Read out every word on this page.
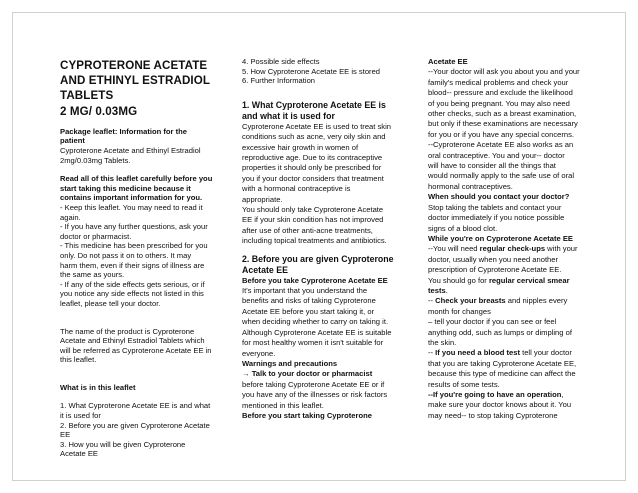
CYPROTERONE ACETATE
AND ETHINYL ESTRADIOL
TABLETS
2 MG/ 0.03MG

Package leaflet: Information for the
patient

Cyproterone Acetate and Ethinyl Estradiol
2mg/0.03mg Tablets.

Read all of this leaflet carefully before you
start taking this medicine because it
contains important information for you.

- Keep this leaflet. You may need to read it
again.
- If you have any further questions, ask your
doctor or pharmacist.
- This medicine has been prescribed for you
only. Do not pass it on to others. It may
harm them, even if their signs of illness are
the same as yours.
- If any of the side effects gets serious, or if
you notice any side effects not listed in this
leaflet, please tell your doctor.

The name of the product is Cyproterone
Acetate and Ethinyl Estradiol Tablets which
will be referred as Cyproterone Acetate EE in
this leaflet.

What is in this leaflet

1. What Cyproterone Acetate EE is and what
it is used for
2. Before you are given Cyproterone Acetate
EE
3. How you will be given Cyproterone
Acetate EE

4. Possible side effects
5. How Cyproterone Acetate EE is stored
6. Further Information

1. What Cyproterone Acetate EE is
and what it is used for

Cyproterone Acetate EE is used to treat skin
conditions such as acne, very oily skin and
excessive hair growth in women of
reproductive age. Due to its contraceptive
properties it should only be prescribed for
you if your doctor considers that treatment
with a hormonal contraceptive is
appropriate.
You should only take Cyproterone Acetate
EE if your skin condition has not improved
after use of other anti-acne treatments,
including topical treatments and antibiotics.

2. Before you are given Cyproterone
Acetate EE

Before you take Cyproterone Acetate EE

It's important that you understand the
benefits and risks of taking Cyproterone
Acetate EE before you start taking it, or
when deciding whether to carry on taking it.
Although Cyproterone Acetate EE is suitable
for most healthy women it isn't suitable for
everyone.

Warnings and precautions

→ Talk to your doctor or pharmacist

before taking Cyproterone Acetate EE or if
you have any of the illnesses or risk factors
mentioned in this leaflet.

Before you start taking Cyproterone

Acetate EE

--Your doctor will ask you about you and your
family's medical problems and check your
blood-- pressure and exclude the likelihood
of you being pregnant. You may also need
other checks, such as a breast examination,
but only if these examinations are necessary
for you or if you have any special concerns.
--Cyproterone Acetate EE also works as an
oral contraceptive. You and your-- doctor
will have to consider all the things that
would normally apply to the safe use of oral
hormonal contraceptives.

When should you contact your doctor?

Stop taking the tablets and contact your
doctor immediately if you notice possible
signs of a blood clot.

While you're on Cyproterone Acetate EE

--You will need regular check-ups with your
doctor, usually when you need another
prescription of Cyproterone Acetate EE.
You should go for regular cervical smear
tests.

-- Check your breasts and nipples every
month for changes
– tell your doctor if you can see or feel
anything odd, such as lumps or dimpling of
the skin.

-- If you need a blood test tell your doctor
that you are taking Cyproterone Acetate EE,
because this type of medicine can affect the
results of some tests.

--If you're going to have an operation,
make sure your doctor knows about it. You
may need-- to stop taking Cyproterone
